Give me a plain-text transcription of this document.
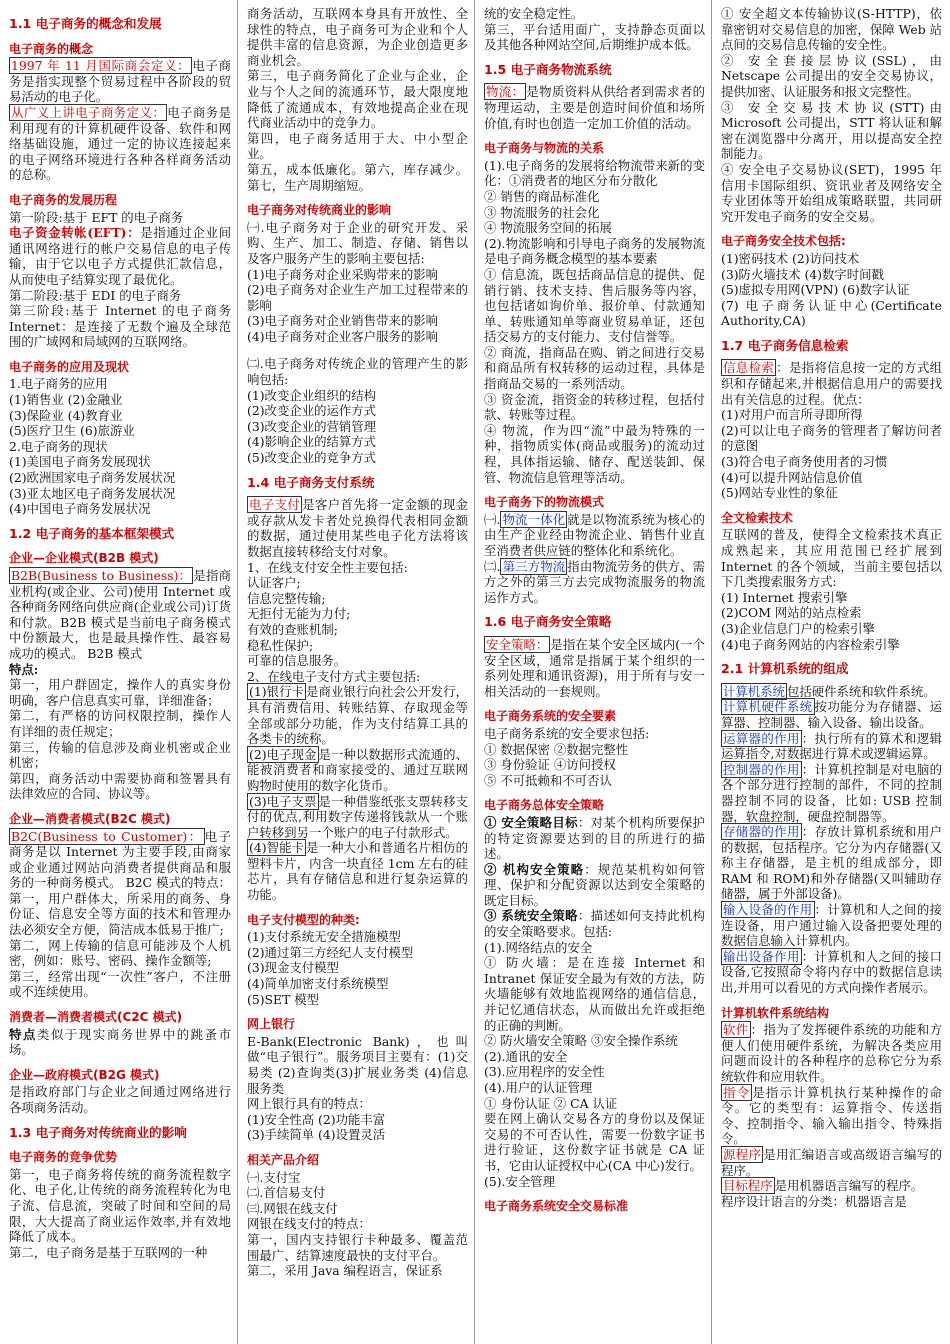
1.1 电子商务的概念和发展
电子商务的概念
1997 年 11 月国际商会定义： 电子商务是指实现整个贸易过程中各阶段的贸易活动的电子化。
从广义上讲电子商务定义： 电子商务是利用现有的计算机硬件设备、软件和网络基础设施，通过一定的协议连接起来的电子网络环境进行各种各样商务活动的总称。
电子商务的发展历程
第一阶段:基于 EFT 的电子商务
电子资金转帐(EFT)：是指通过企业间通讯网络进行的帐户交易信息的电子传输，由于它以电子方式提供汇款信息，从而使电子结算实现了最优化。
第二阶段:基于 EDI 的电子商务
第三阶段:基于 Internet 的电子商务 Internet：是连接了无数个遍及全球范围的广域网和局域网的互联网络。
电子商务的应用及现状
1.电子商务的应用
(1)销售业 (2)金融业
(3)保险业 (4)教育业
(5)医疗卫生 (6)旅游业
2.电子商务的现状
(1)美国电子商务发展现状
(2)欧洲国家电子商务发展状况
(3)亚太地区电子商务发展状况
(4)中国电子商务发展状况
1.2 电子商务的基本框架模式
企业—企业模式(B2B 模式)
B2B(Business to Business)： 是指商业机构(或企业、公司)使用 Internet 或各种商务网络向供应商(企业或公司)订货和付款。B2B 模式是当前电子商务模式中份额最大，也是最具操作性、最容易成功的模式。 B2B 模式
特点:
第一，用户群固定，操作人的真实身份明确，客户信息真实可靠，详细准备；
第二，有严格的访问权限控制，操作人有详细的责任规定；
第三，传输的信息涉及商业机密或企业机密；
第四，商务活动中需要协商和签署具有法律效应的合同、协议等。
企业—消费者模式(B2C 模式)
B2C(Business to Customer)： 电子商务是以 Internet 为主要手段,由商家或企业通过网站向消费者提供商品和服务的一种商务模式。 B2C 模式的特点：第一，用户群体大，所采用的商务、身份证、信息安全等方面的技术和管理办法必须安全方便，简洁成本低易于推广;
第二，网上传输的信息可能涉及个人机密，例如：账号、密码、操作金额等;
第三，经常出现“一次性”客户，不注册或不连续使用。
消费者—消费者模式(C2C 模式)
特点类似于现实商务世界中的跳蚤市场。
企业—政府模式(B2G 模式)
是指政府部门与企业之间通过网络进行各项商务活动。
1.3 电子商务对传统商业的影响
电子商务的竞争优势
第一，电子商务将传统的商务流程数字化、电子化,让传统的商务流程转化为电子流、信息流，突破了时间和空间的局限，大大提高了商业运作效率,并有效地降低了成本。
第二，电子商务是基于互联网的一种
商务活动，互联网本身具有开放性、全球性的特点，电子商务可为企业和个人提供丰富的信息资源，为企业创造更多商业机会。
第三，电子商务简化了企业与企业，企业与个人之间的流通环节，最大限度地降低了流通成本，有效地提高企业在现代商业活动中的竞争力。
第四，电子商务适用于大、中小型企业。
第五，成本低廉化。第六，库存减少。第七，生产周期缩短。
电子商务对传统商业的影响
㈠.电子商务对于企业的研究开发、采购、生产、加工、制造、存储、销售以及客户服务产生的影响主要包括:
(1)电子商务对企业采购带来的影响
(2)电子商务对企业生产加工过程带来的影响
(3)电子商务对企业销售带来的影响
(4)电子商务对企业客户服务的影响
㈡.电子商务对传统企业的管理产生的影响包括:
(1)改变企业组织的结构
(2)改变企业的运作方式
(3)改变企业的营销管理
(4)影响企业的结算方式
(5)改变企业的竞争方式
1.4 电子商务支付系统
电子支付 是客户首先将一定金额的现金或存款从发卡者处兑换得代表相同金额的数据，通过使用某些电子化方法将该数据直接转移给支付对象。
1、在线支付安全性主要包括:
认证客户;
信息完整传输;
无拒付无能为力付;
有效的查账机制;
稳私性保护;
可靠的信息服务。
2、在线电子支付方式主要包括:
(1)银行卡 是商业银行向社会公开发行，具有消费信用、转账结算、存取现金等全部或部分功能，作为支付结算工具的各类卡的统称。
(2)电子现金 是一种以数据形式流通的、能被消费者和商家接受的、通过互联网购物时使用的数字化货币。
(3)电子支票 是一种借鉴纸张支票转移支付的优点,利用数字传递将钱款从一个账户转移到另一个账户的电子付款形式。
(4)智能卡 是一种大小和普通名片相仿的塑料卡片，内含一块直径 1cm 左右的硅芯片，具有存储信息和进行复杂运算的功能。
电子支付模型的种类:
(1)支付系统无安全措施模型
(2)通过第三方经纪人支付模型
(3)现金支付模型
(4)简单加密支付系统模型
(5)SET 模型
网上银行
E-Bank(Electronic Bank)，也叫做“电子银行”。服务项目主要有：(1)交易类 (2)查询类(3)扩展业务类 (4)信息服务类
网上银行具有的特点：
(1)安全性高 (2)功能丰富
(3)手续简单 (4)设置灵活
相关产品介绍
㈠.支付宝
㈡.首信易支付
㈢.网银在线支付
网银在线支付的特点：
第一，国内支持银行卡种最多、覆盖范围最广、结算速度最快的支付平台。
第二，采用 Java 编程语言，保证系
统的安全稳定性。
第三，平台适用面广，支持静态页面以及其他各种网站空间,后期维护成本低。
1.5 电子商务物流系统
物流： 是物质资料从供给者到需求者的物理运动，主要是创造时间价值和场所价值,有时也创造一定加工价值的活动。
电子商务与物流的关系
(1).电子商务的发展将给物流带来新的变化：①消费者的地区分布分散化
② 销售的商品标准化
③ 物流服务的社会化
④ 物流服务空间的拓展
(2).物流影响和引导电子商务的发展物流是电子商务概念模型的基本要素
① 信息流，既包括商品信息的提供、促销行销、技术支持、售后服务等内容，也包括诸如询价单、报价单、付款通知单、转账通知单等商业贸易单证，还包括交易方的支付能力、支付信誉等。
② 商流，指商品在购、销之间进行交易和商品所有权转移的运动过程，具体是指商品交易的一系列活动。
③ 资金流，指资金的转移过程，包括付款、转账等过程。
④ 物流，作为四“流”中最为特殊的一种，指物质实体(商品或服务)的流动过程，具体指运输、储存、配送装卸、保管、物流信息管理等活动。
电子商务下的物流模式
㈠. 物流一体化 就是以物流系统为核心的由生产企业经由物流企业、销售什业直至消费者供应链的整体化和系统化。
㈡. 第三方物流 指由物流劳务的供方、需方之外的第三方去完成物流服务的物流运作方式。
1.6 电子商务安全策略
安全策略： 是指在某个安全区域内(一个安全区域，通常是指属于某个组织的一系列处理和通讯资源)，用于所有与安一相关活动的一套规则。
电子商务系统的安全要素
电子商务系统的安全要求包括:
① 数据保密 ②数据完整性
③ 身份验证 ④访问授权
⑤ 不可抵赖和不可否认
电子商务总体安全策略
① 安全策略目标：对某个机构所要保护的特定资源要达到的目的所进行的描述。
② 机构安全策略：规范某机构如何管理、保护和分配资源以达到安全策略的既定目标。
③ 系统安全策略：描述如何支持此机构的安全策略要求。包括:
(1).网络结点的安全
① 防火墙：是在连接 Internet 和 Intranet 保证安全最为有效的方法，防火墙能够有效地监视网络的通信信息，并记忆通信状态，从而做出允许或拒绝的正确的判断。
② 防火墙安全策略 ③安全操作系统
(2).通讯的安全
(3).应用程序的安全性
(4).用户的认证管理
① 身份认证 ② CA 认证
要在网上确认交易各方的身份以及保证交易的不可否认性，需要一份数字证书进行验证，这份数字证书就是 CA 证书，它由认证授权中心(CA 中心)发行。
(5).安全管理
电子商务系统安全交易标准
① 安全超文本传输协议(S-HTTP)，依靠密钥对交易信息的加密，保障 Web 站点间的交易信息传输的安全性。
② 安全套接层协议(SSL)，由 Netscape 公司提出的安全交易协议，提供加密、认证服务和报文完整性。
③ 安全交易技术协议(STT)由 Microsoft 公司提出，STT 将认证和解密在浏览器中分离开，用以提高安全控制能力。
④ 安全电子交易协议(SET)，1995 年信用卡国际组织、资讯业者及网络安全专业团体等开始组成策略联盟，共同研究开发电子商务的安全交易。
电子商务安全技术包括:
(1)密码技术 (2)访问技术
(3)防火墙技术 (4)数字时间戳
(5)虚拟专用网(VPN) (6)数字认证
(7) 电子商务认证中心(Certificate Authority,CA)
1.7 电子商务信息检索
信息检索 ：是指将信息按一定的方式组织和存储起来,并根据信息用户的需要找出有关信息的过程。优点：
(1)对用户而言所寻即所得
(2)可以让电子商务的管理者了解访问者的意图
(3)符合电子商务使用者的习惯
(4)可以提升网站信息价值
(5)网站专业性的象征
全文检索技术
互联网的普及，使得全文检索技术真正成熟起来，其应用范围已经扩展到 Internet 的各个领域，当前主要包括以下几类搜索服务方式:
(1) Internet 搜索引擎
(2)COM 网站的站点检索
(3)企业信息门户的检索引擎
(4)电子商务网站的内容检索引擎
2.1 计算机系统的组成
计算机系统 包括硬件系统和软件系统。
计算机硬件系统 按功能分为存储器、运算器、控制器、输入设备、输出设备。
运算器的作用 ：执行所有的算术和逻辑运算指令,对数据进行算术或逻辑运算。
控制器的作用 ：计算机控制是对电脑的各个部分进行控制的部件，不同的控制器控制不同的设备，比如: USB 控制器，软盘控制，硬盘控制器等。
存储器的作用 ：存放计算机系统和用户的数据，包括程序。它分为内存储器(又称主存储器，是主机的组成部分，即 RAM 和 ROM)和外存储器(又叫辅助存储器，属于外部设备)。
输入设备的作用 ：计算机和人之间的接连设备，用户通过输入设备把要处理的数据信息输入计算机内。
输出设备作用 ：计算机和人之间的接口设备,它按照命令将内存中的数据信息读出,并用可以看见的方式向操作者展示。
计算机软件系统结构
软件 ：指为了发挥硬件系统的功能和方便人们使用硬件系统，为解决各类应用问题而设计的各种程序的总称它分为系统软件和应用软件。
指令 是指示计算机执行某种操作的命令。它的类型有：运算指令、传送指令、控制指令、输入输出指令、特殊指令。
源程序 是用汇编语言或高级语言编写的程序。
目标程序 是用机器语言编写的程序。
程序设计语言的分类：机器语言是
